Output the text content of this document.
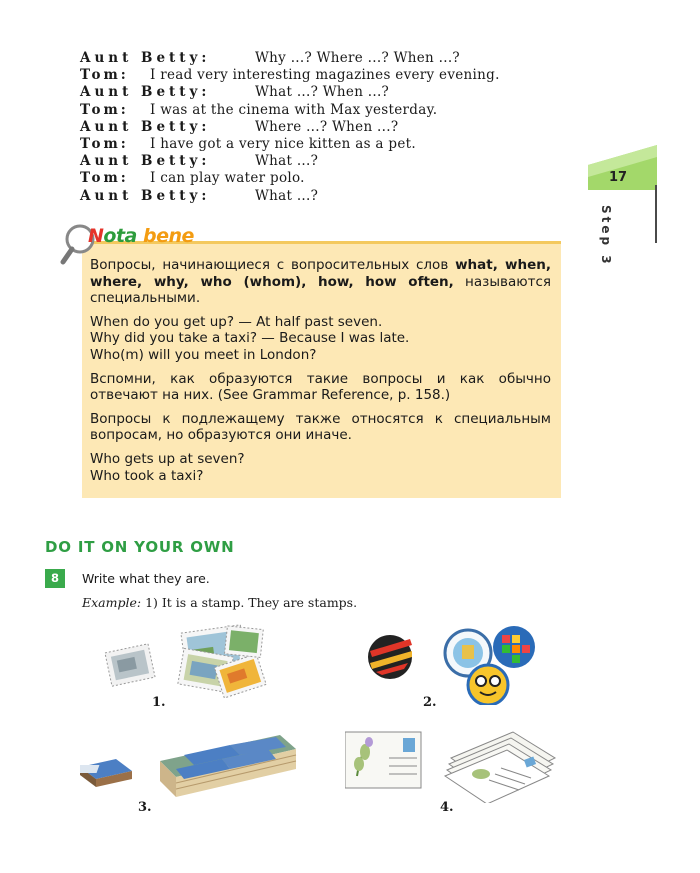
Aunt Betty:	Why ...? Where ...? When ...?
Tom: I read very interesting magazines every evening.
Aunt Betty:	What ...? When ...?
Tom: I was at the cinema with Max yesterday.
Aunt Betty:	Where ...? When ...?
Tom: I have got a very nice kitten as a pet.
Aunt Betty:	What ...?
Tom: I can play water polo.
Aunt Betty:	What ...?
17
Step 3
Nota bene

Вопросы, начинающиеся с вопросительных слов what, when, where, why, who (whom), how, how often, называются специальными.

When do you get up? — At half past seven.
Why did you take a taxi? — Because I was late.
Who(m) will you meet in London?

Вспомни, как образуются такие вопросы и как обычно отвечают на них. (See Grammar Reference, p. 158.)

Вопросы к подлежащему также относятся к специальным вопросам, но образуются они иначе.

Who gets up at seven?
Who took a taxi?

DO IT ON YOUR OWN
8	Write what they are.
Example: 1) It is a stamp. They are stamps.
1.	2.
3.	4.
